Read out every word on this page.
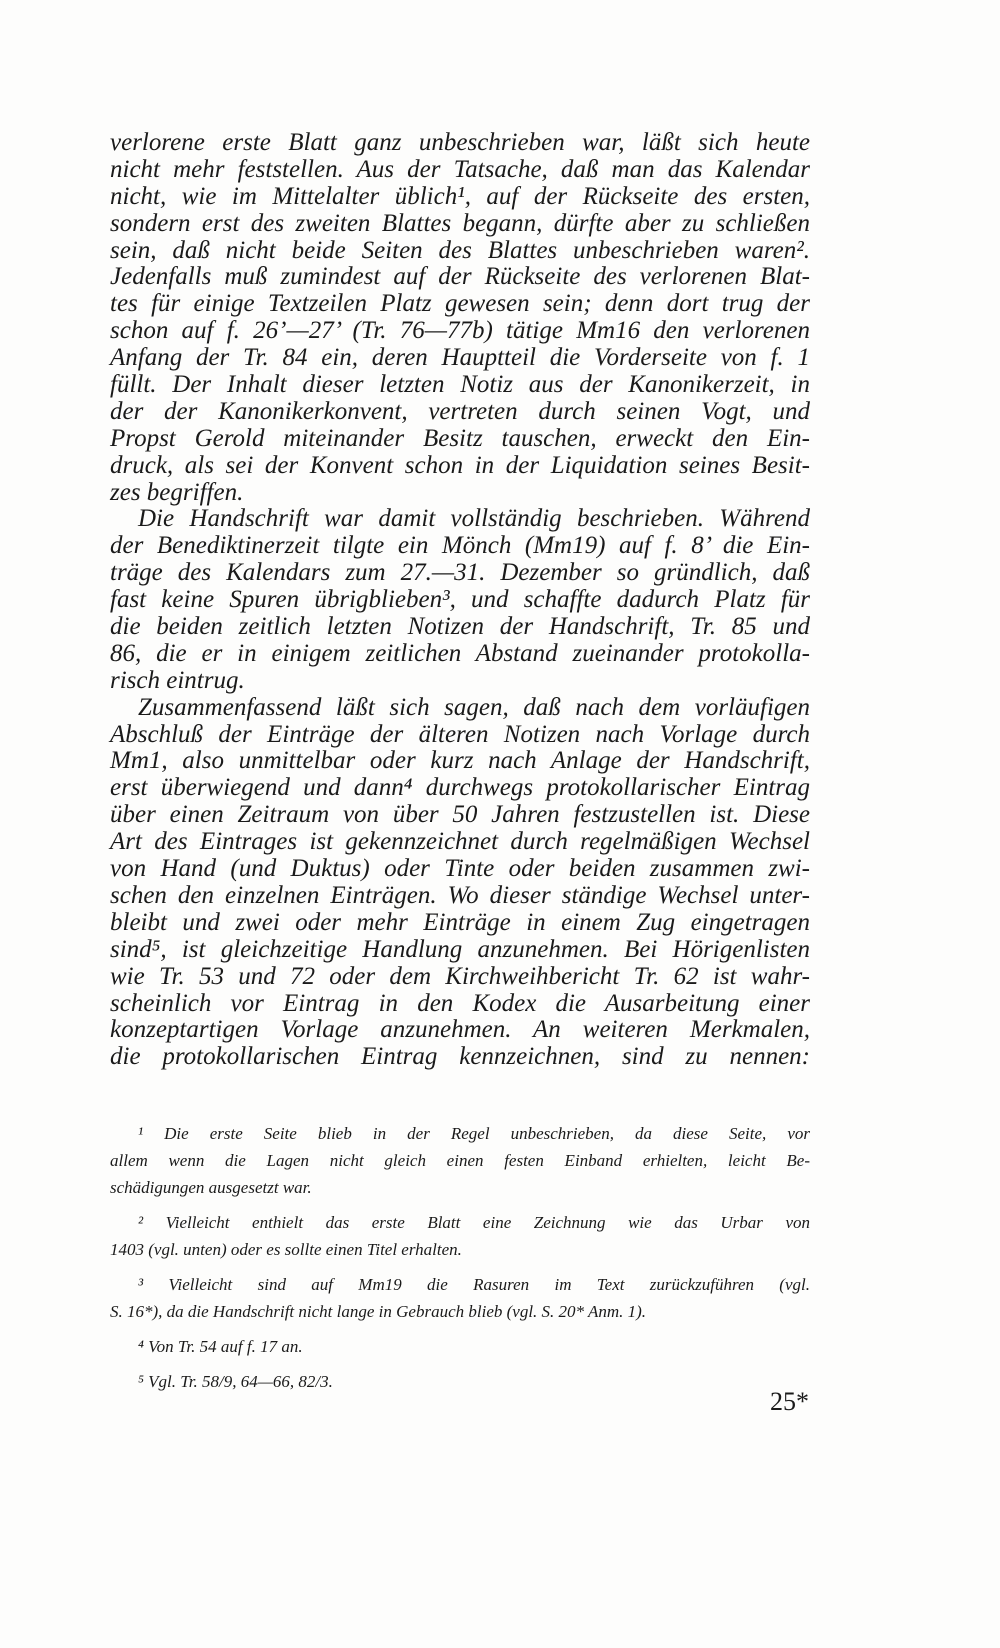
verlorene erste Blatt ganz unbeschrieben war, läßt sich heute
nicht mehr feststellen. Aus der Tatsache, daß man das Kalendar
nicht, wie im Mittelalter üblich¹, auf der Rückseite des ersten,
sondern erst des zweiten Blattes begann, dürfte aber zu schließen
sein, daß nicht beide Seiten des Blattes unbeschrieben waren².
Jedenfalls muß zumindest auf der Rückseite des verlorenen Blat-
tes für einige Textzeilen Platz gewesen sein; denn dort trug der
schon auf f. 26’—27’ (Tr. 76—77b) tätige Mm16 den verlorenen
Anfang der Tr. 84 ein, deren Hauptteil die Vorderseite von f. 1
füllt. Der Inhalt dieser letzten Notiz aus der Kanonikerzeit, in
der der Kanonikerkonvent, vertreten durch seinen Vogt, und
Propst Gerold miteinander Besitz tauschen, erweckt den Ein-
druck, als sei der Konvent schon in der Liquidation seines Besit-
zes begriffen.
Die Handschrift war damit vollständig beschrieben. Während
der Benediktinerzeit tilgte ein Mönch (Mm19) auf f. 8’ die Ein-
träge des Kalendars zum 27.—31. Dezember so gründlich, daß
fast keine Spuren übrigblieben³, und schaffte dadurch Platz für
die beiden zeitlich letzten Notizen der Handschrift, Tr. 85 und
86, die er in einigem zeitlichen Abstand zueinander protokolla-
risch eintrug.
Zusammenfassend läßt sich sagen, daß nach dem vorläufigen
Abschluß der Einträge der älteren Notizen nach Vorlage durch
Mm1, also unmittelbar oder kurz nach Anlage der Handschrift,
erst überwiegend und dann⁴ durchwegs protokollarischer Eintrag
über einen Zeitraum von über 50 Jahren festzustellen ist. Diese
Art des Eintrages ist gekennzeichnet durch regelmäßigen Wechsel
von Hand (und Duktus) oder Tinte oder beiden zusammen zwi-
schen den einzelnen Einträgen. Wo dieser ständige Wechsel unter-
bleibt und zwei oder mehr Einträge in einem Zug eingetragen
sind⁵, ist gleichzeitige Handlung anzunehmen. Bei Hörigenlisten
wie Tr. 53 und 72 oder dem Kirchweihbericht Tr. 62 ist wahr-
scheinlich vor Eintrag in den Kodex die Ausarbeitung einer
konzeptartigen Vorlage anzunehmen. An weiteren Merkmalen,
die protokollarischen Eintrag kennzeichnen, sind zu nennen:
¹ Die erste Seite blieb in der Regel unbeschrieben, da diese Seite, vor
allem wenn die Lagen nicht gleich einen festen Einband erhielten, leicht Be-
schädigungen ausgesetzt war.
² Vielleicht enthielt das erste Blatt eine Zeichnung wie das Urbar von
1403 (vgl. unten) oder es sollte einen Titel erhalten.
³ Vielleicht sind auf Mm19 die Rasuren im Text zurückzuführen (vgl.
S. 16*), da die Handschrift nicht lange in Gebrauch blieb (vgl. S. 20* Anm. 1).
⁴ Von Tr. 54 auf f. 17 an.
⁵ Vgl. Tr. 58/9, 64—66, 82/3.
25*
